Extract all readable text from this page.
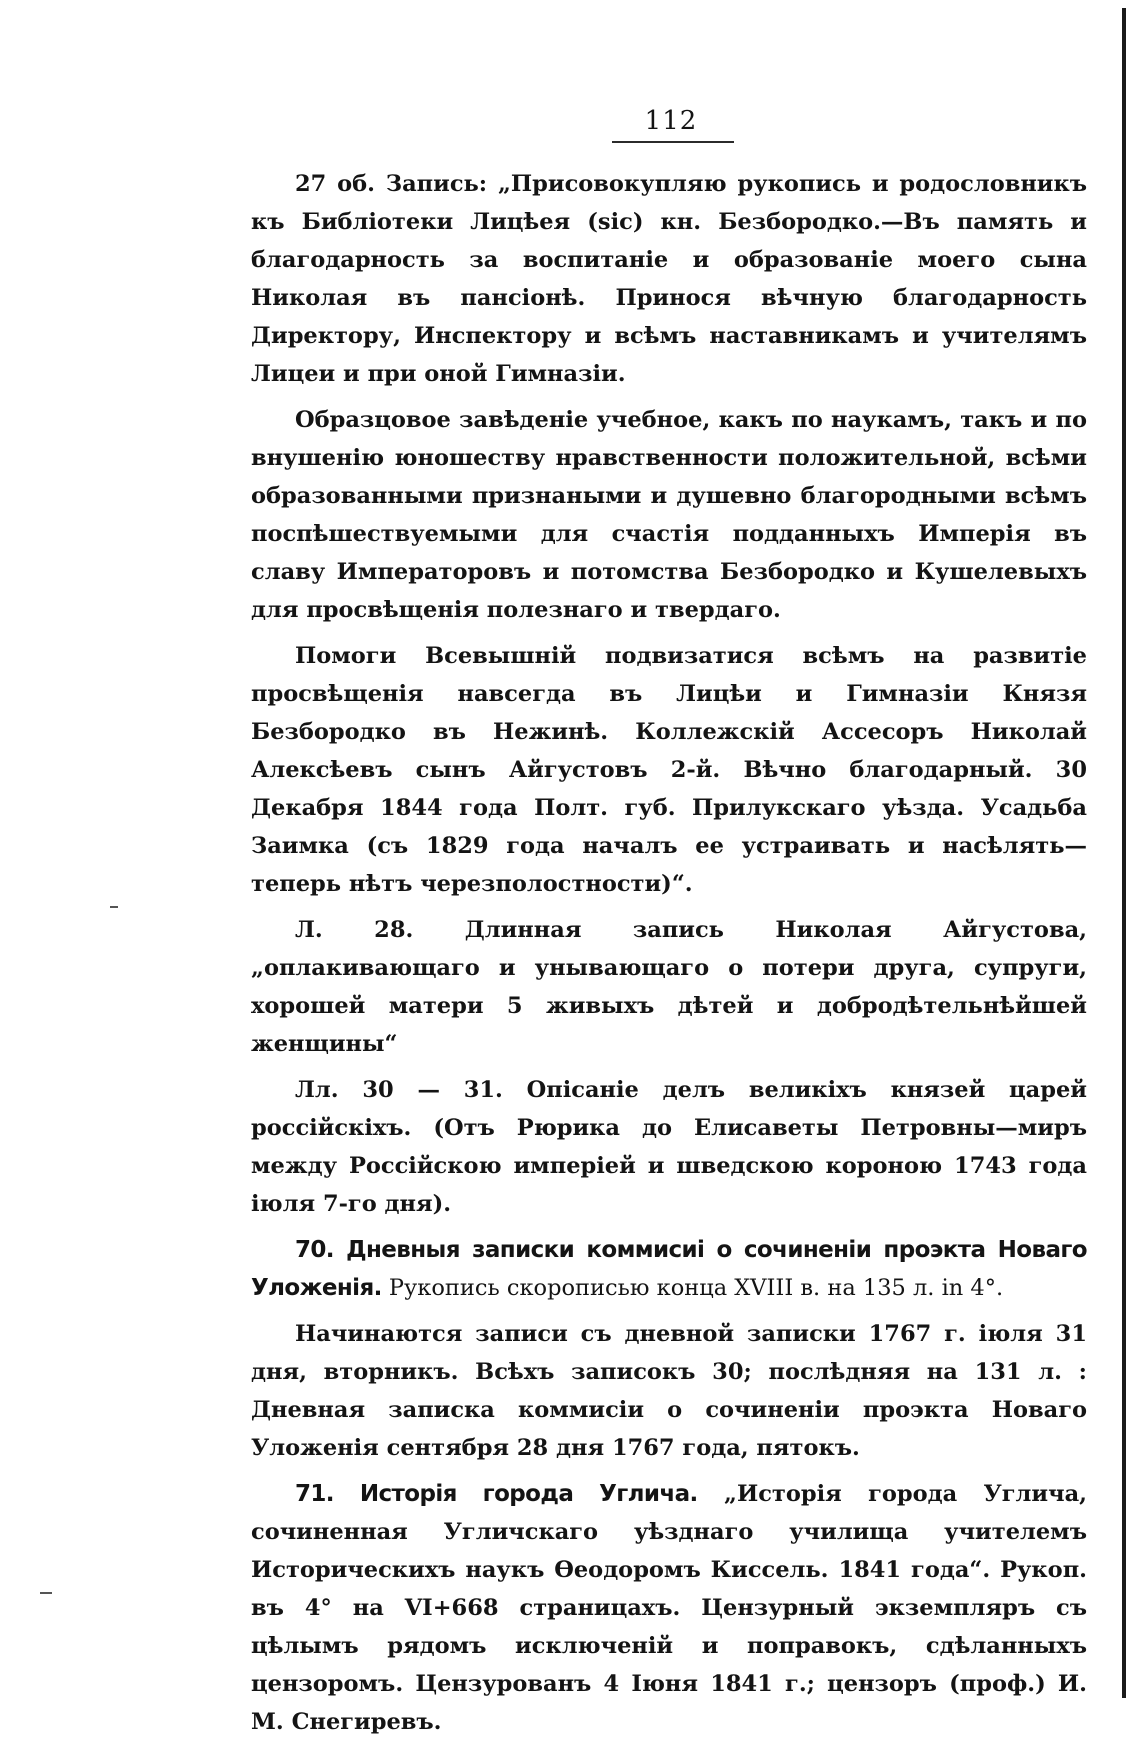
112

27 об. Запись: „Присовокупляю рукопись и родословникъ къ Библіотеки Лицѣея (sic) кн. Безбородко.—Въ память и благодарность за воспитаніе и образованіе моего сына Николая въ пансіонѣ. Принося вѣчную благодарность Директору, Инспектору и всѣмъ наставникамъ и учителямъ Лицеи и при оной Гимназіи.

Образцовое завѣденіе учебное, какъ по наукамъ, такъ и по внушенію юношеству нравственности положительной, всѣми образованными признаными и душевно благородными всѣмъ поспѣшествуемыми для счастія подданныхъ Имперія въ славу Императоровъ и потомства Безбородко и Кушелевыхъ для просвѣщенія полезнаго и твердаго.

Помоги Всевышній подвизатися всѣмъ на развитіе просвѣщенія навсегда въ Лицѣи и Гимназіи Князя Безбородко въ Нежинѣ. Коллежскій Ассесоръ Николай Алексѣевъ сынъ Айгустовъ 2-й. Вѣчно благодарный. 30 Декабря 1844 года Полт. губ. Прилукскаго уѣзда. Усадьба Заимка (съ 1829 года началъ ее устраивать и насѣлять—теперь нѣтъ черезполостности)“.

Л. 28. Длинная запись Николая Айгустова, „оплакивающаго и унывающаго о потери друга, супруги, хорошей матери 5 живыхъ дѣтей и добродѣтельнѣйшей женщины“

Лл. 30 — 31. Опісаніе делъ великіхъ князей царей россійскіхъ. (Отъ Рюрика до Елисаветы Петровны—миръ между Россійскою имперіей и шведскою короною 1743 года іюля 7-го дня).

70. Дневныя записки коммисиі о сочиненіи проэкта Новаго Уложенія. Рукопись скорописью конца XVIII в. на 135 л. in 4°.

Начинаются записи съ дневной записки 1767 г. іюля 31 дня, вторникъ. Всѣхъ записокъ 30; послѣдняя на 131 л. : Дневная записка коммисіи о сочиненіи проэкта Новаго Уложенія сентября 28 дня 1767 года, пятокъ.

71. Исторія города Углича. „Исторія города Углича, сочиненная Угличскаго уѣзднаго училища учителемъ Историческихъ наукъ Өеодоромъ Киссель. 1841 года“. Рукоп. въ 4° на VI+668 страницахъ. Цензурный экземпляръ съ цѣлымъ рядомъ исключеній и поправокъ, сдѣланныхъ цензоромъ. Цензурованъ 4 Іюня 1841 г.; цензоръ (проф.) И. М. Снегиревъ.
